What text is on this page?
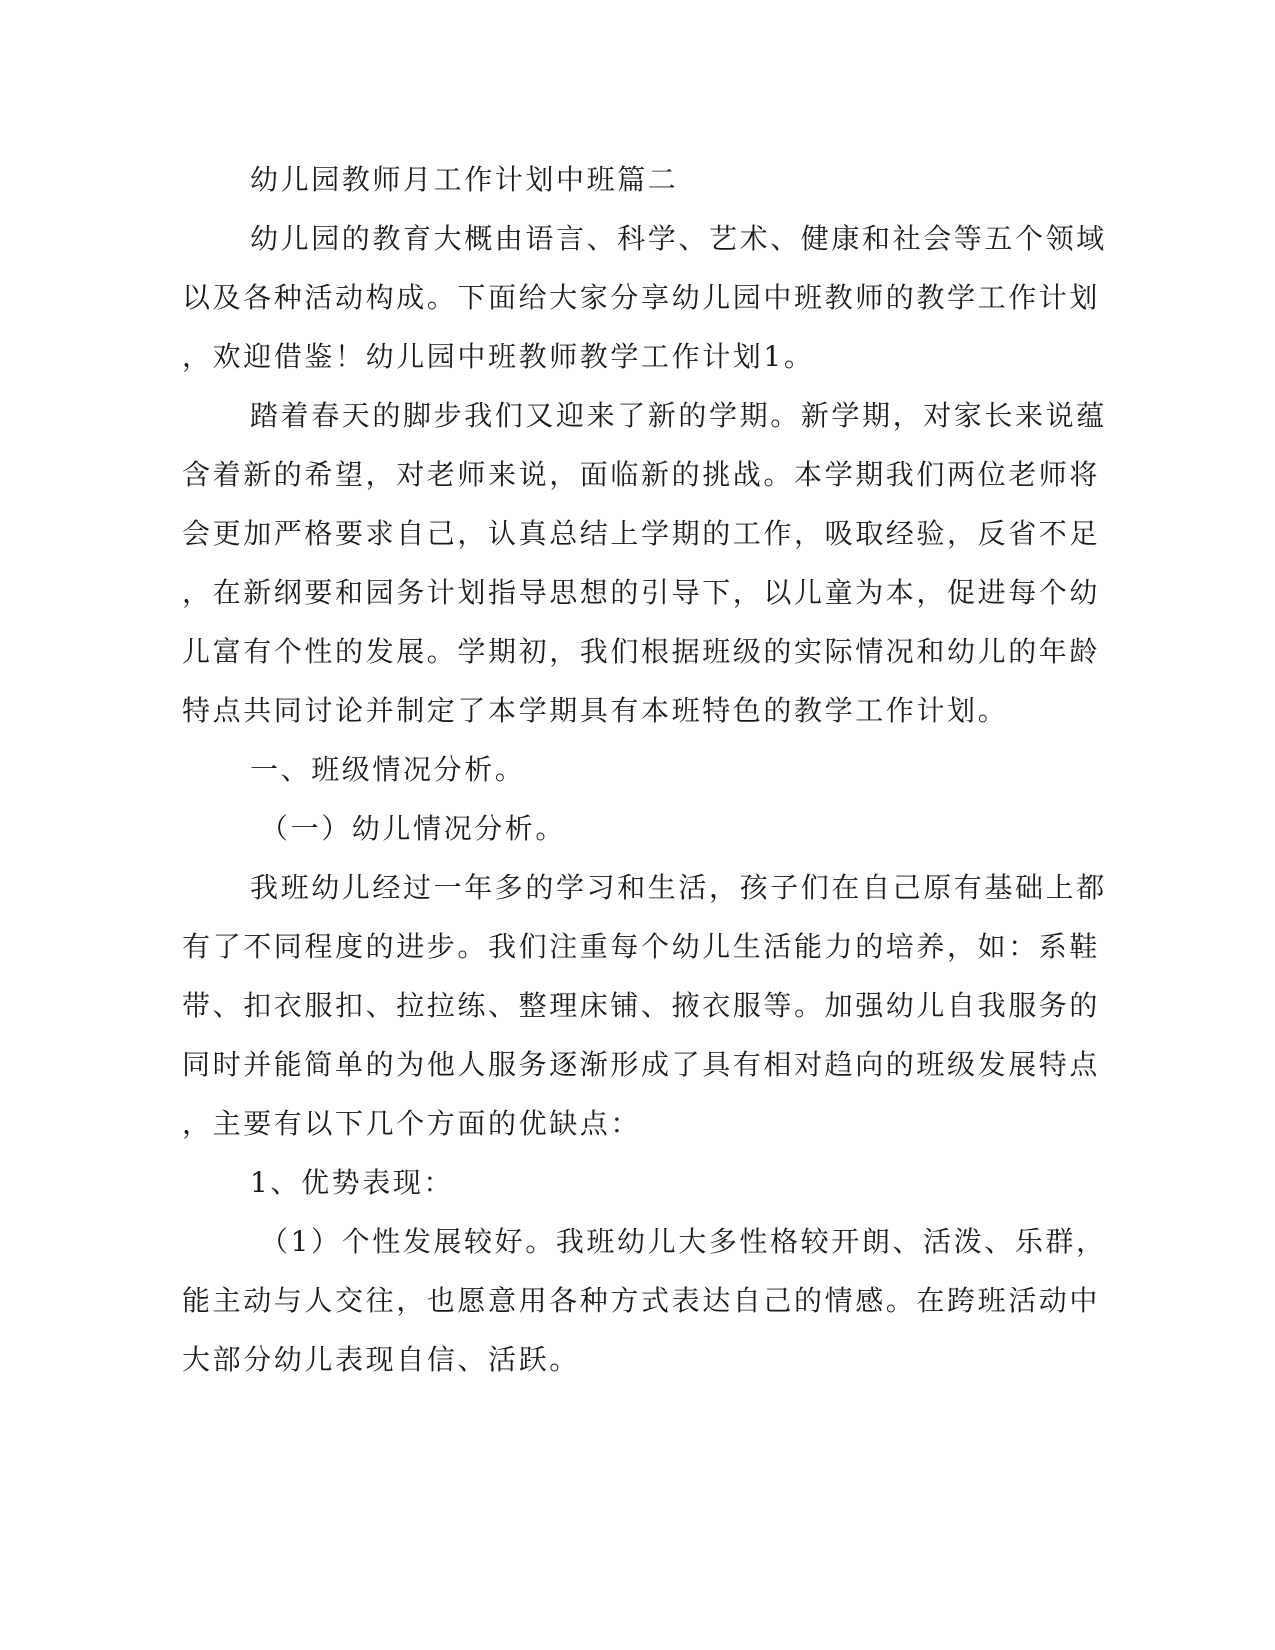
幼儿园教师月工作计划中班篇二
幼儿园的教育大概由语言、科学、艺术、健康和社会等五个领域
以及各种活动构成。下面给大家分享幼儿园中班教师的教学工作计划
，欢迎借鉴！幼儿园中班教师教学工作计划1。
踏着春天的脚步我们又迎来了新的学期。新学期，对家长来说蕴
含着新的希望，对老师来说，面临新的挑战。本学期我们两位老师将
会更加严格要求自己，认真总结上学期的工作，吸取经验，反省不足
，在新纲要和园务计划指导思想的引导下，以儿童为本，促进每个幼
儿富有个性的发展。学期初，我们根据班级的实际情况和幼儿的年龄
特点共同讨论并制定了本学期具有本班特色的教学工作计划。
一、班级情况分析。
（一）幼儿情况分析。
我班幼儿经过一年多的学习和生活，孩子们在自己原有基础上都
有了不同程度的进步。我们注重每个幼儿生活能力的培养，如：系鞋
带、扣衣服扣、拉拉练、整理床铺、掖衣服等。加强幼儿自我服务的
同时并能简单的为他人服务逐渐形成了具有相对趋向的班级发展特点
，主要有以下几个方面的优缺点：
1、优势表现：
（1）个性发展较好。我班幼儿大多性格较开朗、活泼、乐群，
能主动与人交往，也愿意用各种方式表达自己的情感。在跨班活动中
大部分幼儿表现自信、活跃。
